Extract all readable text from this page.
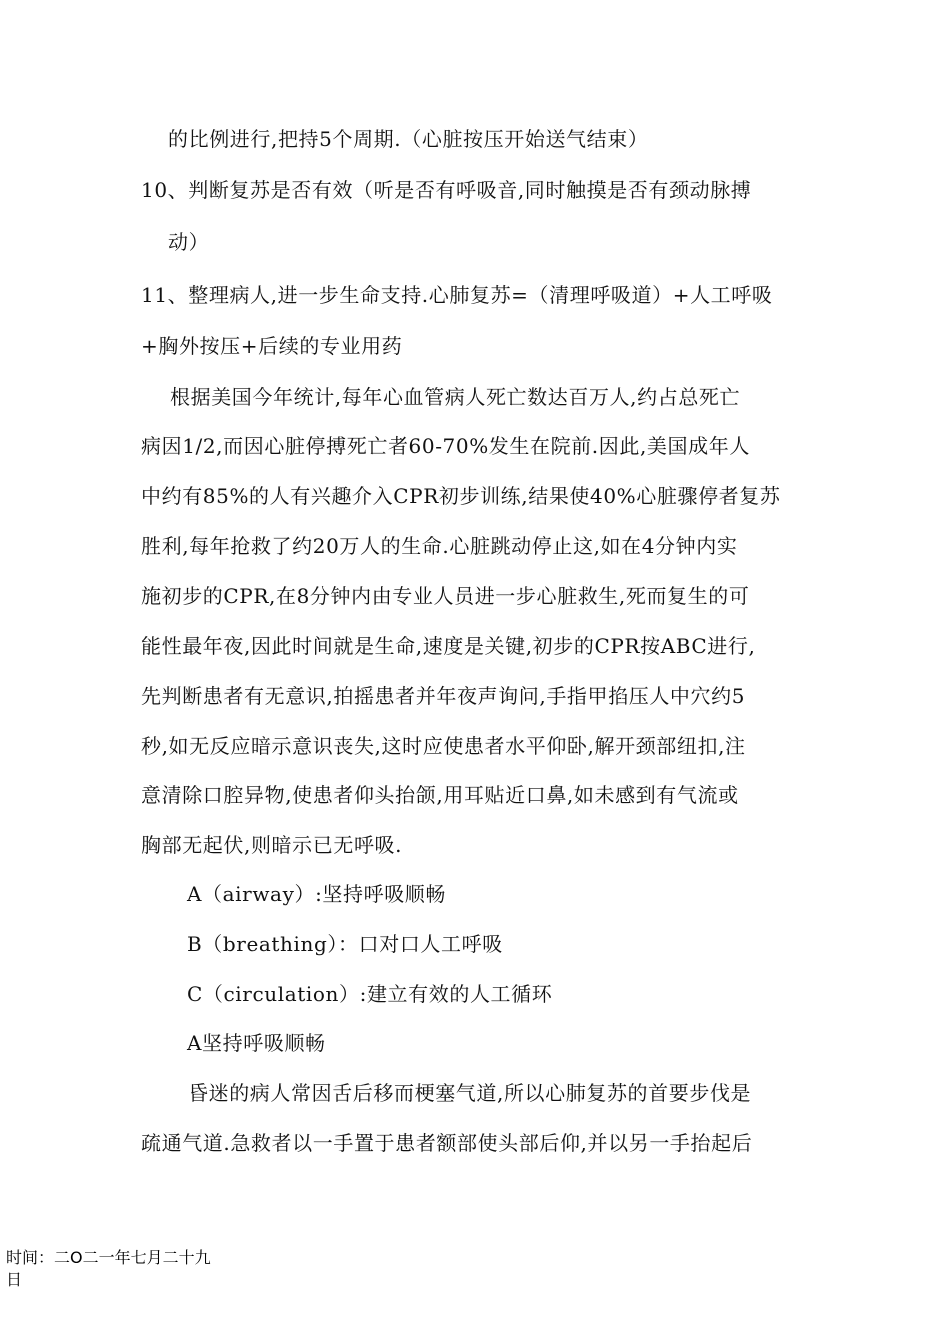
的比例进行,把持5个周期.（心脏按压开始送气结束）
10、判断复苏是否有效（听是否有呼吸音,同时触摸是否有颈动脉搏
动）
11、整理病人,进一步生命支持.心肺复苏=（清理呼吸道）+人工呼吸
+胸外按压+后续的专业用药
根据美国今年统计,每年心血管病人死亡数达百万人,约占总死亡
病因1/2,而因心脏停搏死亡者60-70%发生在院前.因此,美国成年人
中约有85%的人有兴趣介入CPR初步训练,结果使40%心脏骤停者复苏
胜利,每年抢救了约20万人的生命.心脏跳动停止这,如在4分钟内实
施初步的CPR,在8分钟内由专业人员进一步心脏救生,死而复生的可
能性最年夜,因此时间就是生命,速度是关键,初步的CPR按ABC进行,
先判断患者有无意识,拍摇患者并年夜声询问,手指甲掐压人中穴约5
秒,如无反应暗示意识丧失,这时应使患者水平仰卧,解开颈部纽扣,注
意清除口腔异物,使患者仰头抬颌,用耳贴近口鼻,如未感到有气流或
胸部无起伏,则暗示已无呼吸.
A（airway）:坚持呼吸顺畅
B（breathing）：口对口人工呼吸
C（circulation）:建立有效的人工循环
A坚持呼吸顺畅
昏迷的病人常因舌后移而梗塞气道,所以心肺复苏的首要步伐是
疏通气道.急救者以一手置于患者额部使头部后仰,并以另一手抬起后
时间：二O二一年七月二十九
日
